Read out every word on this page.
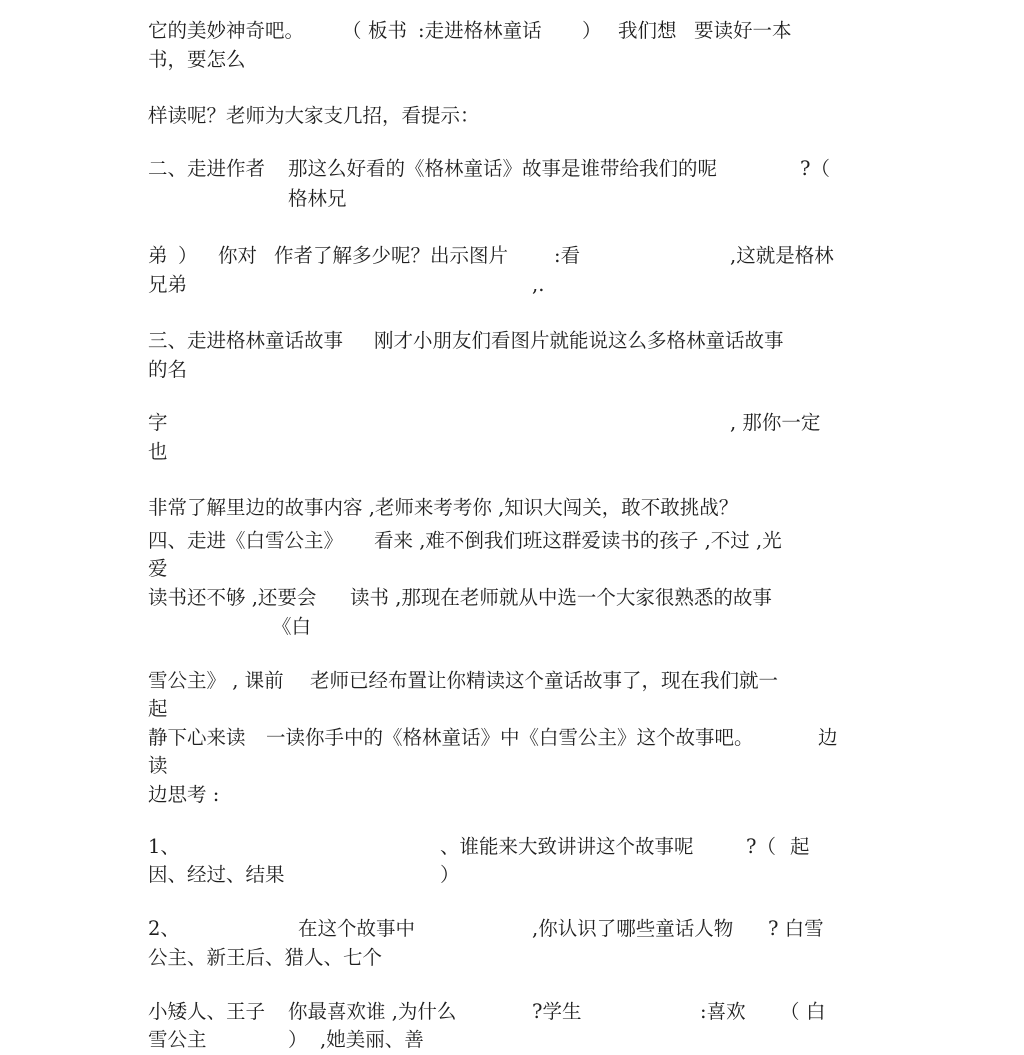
它的美妙神奇吧。 （ 板书 :走进格林童话 ） 我们想 要读好一本
书，要怎么
样读呢？老师为大家支几招，看提示：
二、走进作者 那这么好看的《格林童话》故事是谁带给我们的呢	?（
格林兄
弟 ） 你对 作者了解多少呢？出示图片 :看	,这就是格林
兄弟	,.
三、走进格林童话故事 刚才小朋友们看图片就能说这么多格林童话故事
的名
字	, 那你一定
也
非常了解里边的故事内容 ,老师来考考你 ,知识大闯关，敢不敢挑战？
四、走进《白雪公主》 看来 ,难不倒我们班这群爱读书的孩子 ,不过 ,光
爱
读书还不够 ,还要会 读书 ,那现在老师就从中选一个大家很熟悉的故事
《白
雪公主》 , 课前 老师已经布置让你精读这个童话故事了，现在我们就一
起
静下心来读 一读你手中的《格林童话》中《白雪公主》这个故事吧。	边
读
边思考 :
1、	、谁能来大致讲讲这个故事呢	?（ 起
因、经过、结果	）
2、	在这个故事中	,你认识了哪些童话人物 ? 白雪
公主、新王后、猎人、七个
小矮人、王子 你最喜欢谁 ,为什么	?学生	:喜欢 （ 白
雪公主	） ,她美丽、善
